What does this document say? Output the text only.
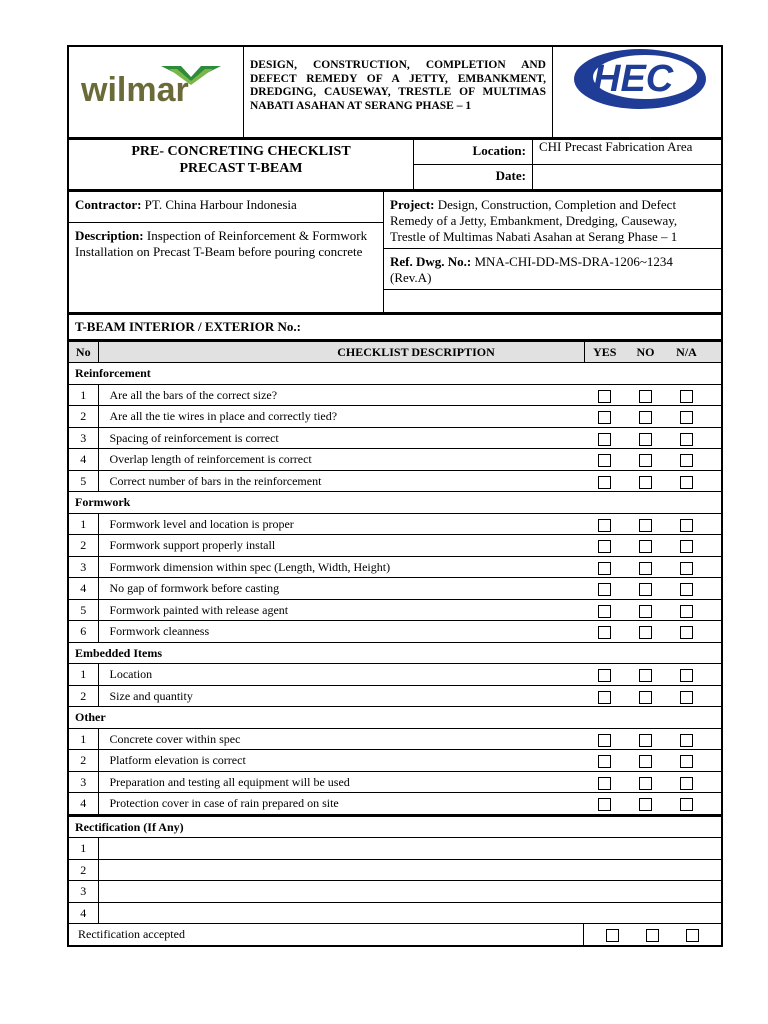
wilmar
	DESIGN, CONSTRUCTION, COMPLETION AND DEFECT REMEDY OF A JETTY, EMBANKMENT, DREDGING, CAUSEWAY, TRESTLE OF MULTIMAS NABATI ASAHAN AT SERANG PHASE – 1	
HEC
PRE- CONCRETING CHECKLIST
PRECAST T-BEAM	Location:	CHI Precast Fabrication Area
	Date:	
Contractor: PT. China Harbour Indonesia	Project: Design, Construction, Completion and Defect Remedy of a Jetty, Embankment, Dredging, Causeway, Trestle of Multimas Nabati Asahan at Serang Phase – 1
Description: Inspection of Reinforcement & Formwork Installation on Precast T-Beam before pouring concrete
Ref. Dwg. No.: MNA-CHI-DD-MS-DRA-1206~1234 (Rev.A)

T-BEAM INTERIOR / EXTERIOR No.:
No	CHECKLIST DESCRIPTION	YES	NO	N/A	
Reinforcement					
1	Are all the bars of the correct size?				
2	Are all the tie wires in place and correctly tied?				
3	Spacing of reinforcement is correct				
4	Overlap length of reinforcement is correct				
5	Correct number of bars in the reinforcement				
Formwork					
1	Formwork level and location is proper				
2	Formwork support properly install				
3	Formwork dimension within spec (Length, Width, Height)				
4	No gap of formwork before casting				
5	Formwork painted with release agent				
6	Formwork cleanness				
Embedded Items					
1	Location				
2	Size and quantity				
Other					
1	Concrete cover within spec				
2	Platform elevation is correct				
3	Preparation and testing all equipment will be used				
4	Protection cover in case of rain prepared on site				
Rectification (If Any)		
1		
2		
3		
4		
Rectification accepted		
